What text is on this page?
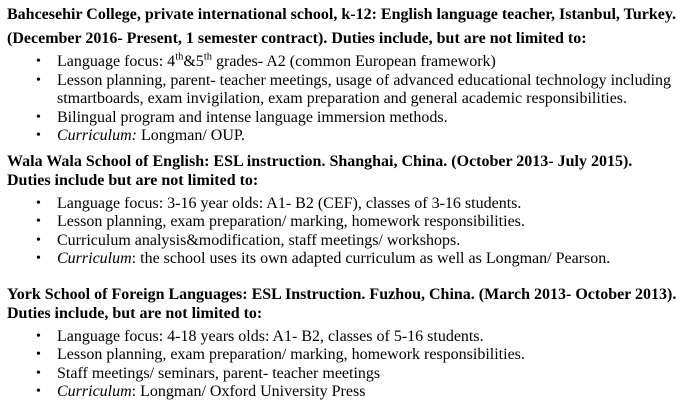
Bahcesehir College, private international school, k-12: English language teacher, Istanbul, Turkey.
(December 2016- Present, 1 semester contract). Duties include, but are not limited to:
• Language focus: 4th&5th grades- A2 (common European framework)
• Lesson planning, parent- teacher meetings, usage of advanced educational technology including
stmartboards, exam invigilation, exam preparation and general academic responsibilities.
• Bilingual program and intense language immersion methods.
• Curriculum: Longman/ OUP.
Wala Wala School of English: ESL instruction. Shanghai, China. (October 2013- July 2015).
Duties include but are not limited to:
• Language focus: 3-16 year olds: A1- B2 (CEF), classes of 3-16 students.
• Lesson planning, exam preparation/ marking, homework responsibilities.
• Curriculum analysis&modification, staff meetings/ workshops.
• Curriculum: the school uses its own adapted curriculum as well as Longman/ Pearson.
York School of Foreign Languages: ESL Instruction. Fuzhou, China. (March 2013- October 2013).
Duties include, but are not limited to:
• Language focus: 4-18 years olds: A1- B2, classes of 5-16 students.
• Lesson planning, exam preparation/ marking, homework responsibilities.
• Staff meetings/ seminars, parent- teacher meetings
• Curriculum: Longman/ Oxford University Press
